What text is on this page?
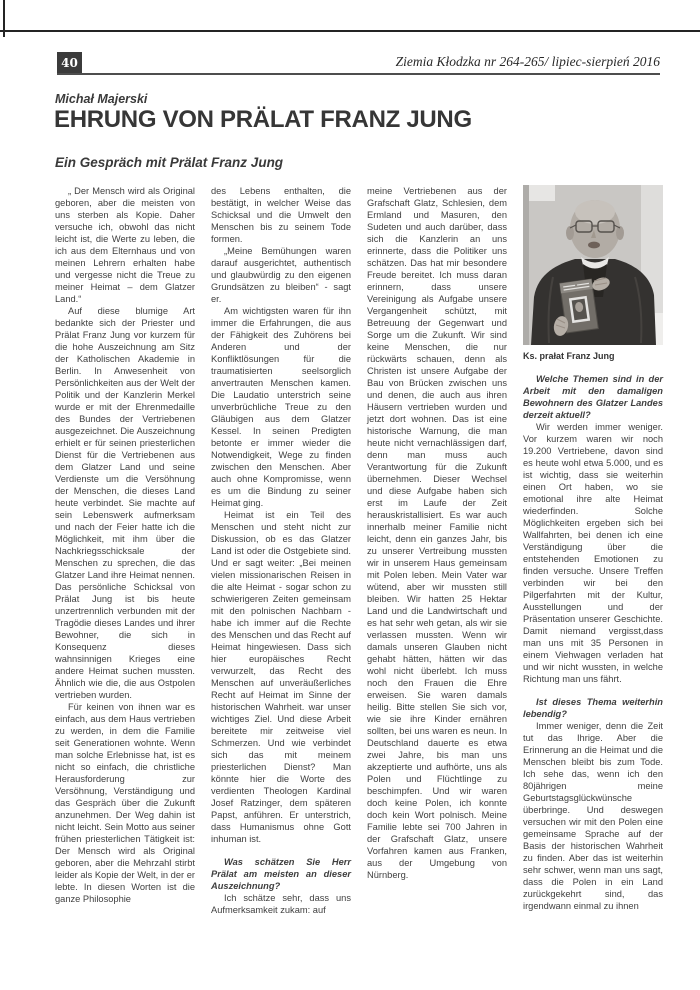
40	Ziemia Kłodzka nr 264-265/ lipiec-sierpień 2016
Michał Majerski
EHRUNG VON PRÄLAT FRANZ JUNG
Ein Gespräch mit Prälat Franz Jung

„ Der Mensch wird als Original geboren, aber die meisten von uns sterben als Kopie. Daher versuche ich, obwohl das nicht leicht ist, die Werte zu leben, die ich aus dem Elternhaus und von meinen Lehrern erhalten habe und vergesse nicht die Treue zu meiner Heimat – dem Glatzer Land.“

Auf diese blumige Art bedankte sich der Priester und Prälat Franz Jung vor kurzem für die hohe Auszeichnung am Sitz der Katholischen Akademie in Berlin. In Anwesenheit von Persönlichkeiten aus der Welt der Politik und der Kanzlerin Merkel wurde er mit der Ehrenmedaille des Bundes der Vertriebenen ausgezeichnet. Die Auszeichnung erhielt er für seinen priesterlichen Dienst für die Vertriebenen aus dem Glatzer Land und seine Verdienste um die Versöhnung der Menschen, die dieses Land heute verbindet. Sie machte auf sein Lebenswerk aufmerksam und nach der Feier hatte ich die Möglichkeit, mit ihm über die Nachkriegsschicksale der Menschen zu sprechen, die das Glatzer Land ihre Heimat nennen. Das persönliche Schicksal von Prälat Jung ist bis heute unzertrennlich verbunden mit der Tragödie dieses Landes und ihrer Bewohner, die sich in Konsequenz dieses wahnsinnigen Krieges eine andere Heimat suchen mussten. Ähnlich wie die, die aus Ostpolen vertrieben wurden.

Für keinen von ihnen war es einfach, aus dem Haus vertrieben zu werden, in dem die Familie seit Generationen wohnte. Wenn man solche Erlebnisse hat, ist es nicht so einfach, die christliche Herausforderung zur Versöhnung, Verständigung und das Gespräch über die Zukunft anzunehmen. Der Weg dahin ist nicht leicht. Sein Motto aus seiner frühen priesterlichen Tätigkeit ist: Der Mensch wird als Original geboren, aber die Mehrzahl stirbt leider als Kopie der Welt, in der er lebte. In diesen Worten ist die ganze Philosophie

des Lebens enthalten, die bestätigt, in welcher Weise das Schicksal und die Umwelt den Menschen bis zu seinem Tode formen.

„Meine Bemühungen waren darauf ausgerichtet, authentisch und glaubwürdig zu den eigenen Grundsätzen zu bleiben“ - sagt er.

Am wichtigsten waren für ihn immer die Erfahrungen, die aus der Fähigkeit des Zuhörens bei Anderen und der Konfliktlösungen für die traumatisierten seelsorglich anvertrauten Menschen kamen. Die Laudatio unterstrich seine unverbrüchliche Treue zu den Gläubigen aus dem Glatzer Kessel. In seinen Predigten betonte er immer wieder die Notwendigkeit, Wege zu finden zwischen den Menschen. Aber auch ohne Kompromisse, wenn es um die Bindung zu seiner Heimat ging.

Heimat ist ein Teil des Menschen und steht nicht zur Diskussion, ob es das Glatzer Land ist oder die Ostgebiete sind. Und er sagt weiter: „Bei meinen vielen missionarischen Reisen in die alte Heimat - sogar schon zu schwierigeren Zeiten gemeinsam mit den polnischen Nachbarn - habe ich immer auf die Rechte des Menschen und das Recht auf Heimat hingewiesen. Dass sich hier europäisches Recht verwurzelt, das Recht des Menschen auf unveräußerliches Recht auf Heimat im Sinne der historischen Wahrheit. war unser wichtiges Ziel. Und diese Arbeit bereitete mir zeitweise viel Schmerzen. Und wie verbindet sich das mit meinem priesterlichen Dienst? Man könnte hier die Worte des verdienten Theologen Kardinal Josef Ratzinger, dem späteren Papst, anführen. Er unterstrich, dass Humanismus ohne Gott inhuman ist.

Was schätzen Sie Herr Prälat am meisten an dieser Auszeichnung?

Ich schätze sehr, dass uns Aufmerksamkeit zukam: auf

meine Vertriebenen aus der Grafschaft Glatz, Schlesien, dem Ermland und Masuren, den Sudeten und auch darüber, dass sich die Kanzlerin an uns erinnerte, dass die Politiker uns schätzen. Das hat mir besondere Freude bereitet. Ich muss daran erinnern, dass unsere Vereinigung als Aufgabe unsere Vergangenheit schützt, mit Betreuung der Gegenwart und Sorge um die Zukunft. Wir sind keine Menschen, die nur rückwärts schauen, denn als Christen ist unsere Aufgabe der Bau von Brücken zwischen uns und denen, die auch aus ihren Häusern vertrieben wurden und jetzt dort wohnen. Das ist eine historische Warnung, die man heute nicht vernachlässigen darf, denn man muss auch Verantwortung für die Zukunft übernehmen. Dieser Wechsel und diese Aufgabe haben sich erst im Laufe der Zeit herauskristallisiert. Es war auch innerhalb meiner Familie nicht leicht, denn ein ganzes Jahr, bis zu unserer Vertreibung mussten wir in unserem Haus gemeinsam mit Polen leben. Mein Vater war wütend, aber wir mussten still bleiben. Wir hatten 25 Hektar Land und die Landwirtschaft und es hat sehr weh getan, als wir sie verlassen mussten. Wenn wir damals unseren Glauben nicht gehabt hätten, hätten wir das wohl nicht überlebt. Ich muss noch den Frauen die Ehre erweisen. Sie waren damals heilig. Bitte stellen Sie sich vor, wie sie ihre Kinder ernähren sollten, bei uns waren es neun. In Deutschland dauerte es etwa zwei Jahre, bis man uns akzeptierte und aufhörte, uns als Polen und Flüchtlinge zu beschimpfen. Und wir waren doch keine Polen, ich konnte doch kein Wort polnisch. Meine Familie lebte sei 700 Jahren in der Grafschaft Glatz, unsere Vorfahren kamen aus Franken, aus der Umgebung von Nürnberg.

Ks. prałat Franz Jung

Welche Themen sind in der Arbeit mit den damaligen Bewohnern des Glatzer Landes derzeit aktuell?

Wir werden immer weniger. Vor kurzem waren wir noch 19.200 Vertriebene, davon sind es heute wohl etwa 5.000, und es ist wichtig, dass sie weiterhin einen Ort haben, wo sie emotional ihre alte Heimat wiederfinden. Solche Möglichkeiten ergeben sich bei Wallfahrten, bei denen ich eine Verständigung über die entstehenden Emotionen zu finden versuche. Unsere Treffen verbinden wir bei den Pilgerfahrten mit der Kultur, Ausstellungen und der Präsentation unserer Geschichte. Damit niemand vergisst,dass man uns mit 35 Personen in einem Viehwagen verladen hat und wir nicht wussten, in welche Richtung man uns fährt.

Ist dieses Thema weiterhin lebendig?

Immer weniger, denn die Zeit tut das Ihrige. Aber die Erinnerung an die Heimat und die Menschen bleibt bis zum Tode. Ich sehe das, wenn ich den 80jährigen meine Geburtstagsglückwünsche überbringe. Und deswegen versuchen wir mit den Polen eine gemeinsame Sprache auf der Basis der historischen Wahrheit zu finden. Aber das ist weiterhin sehr schwer, wenn man uns sagt, dass die Polen in ein Land zurückgekehrt sind, das irgendwann einmal zu ihnen
